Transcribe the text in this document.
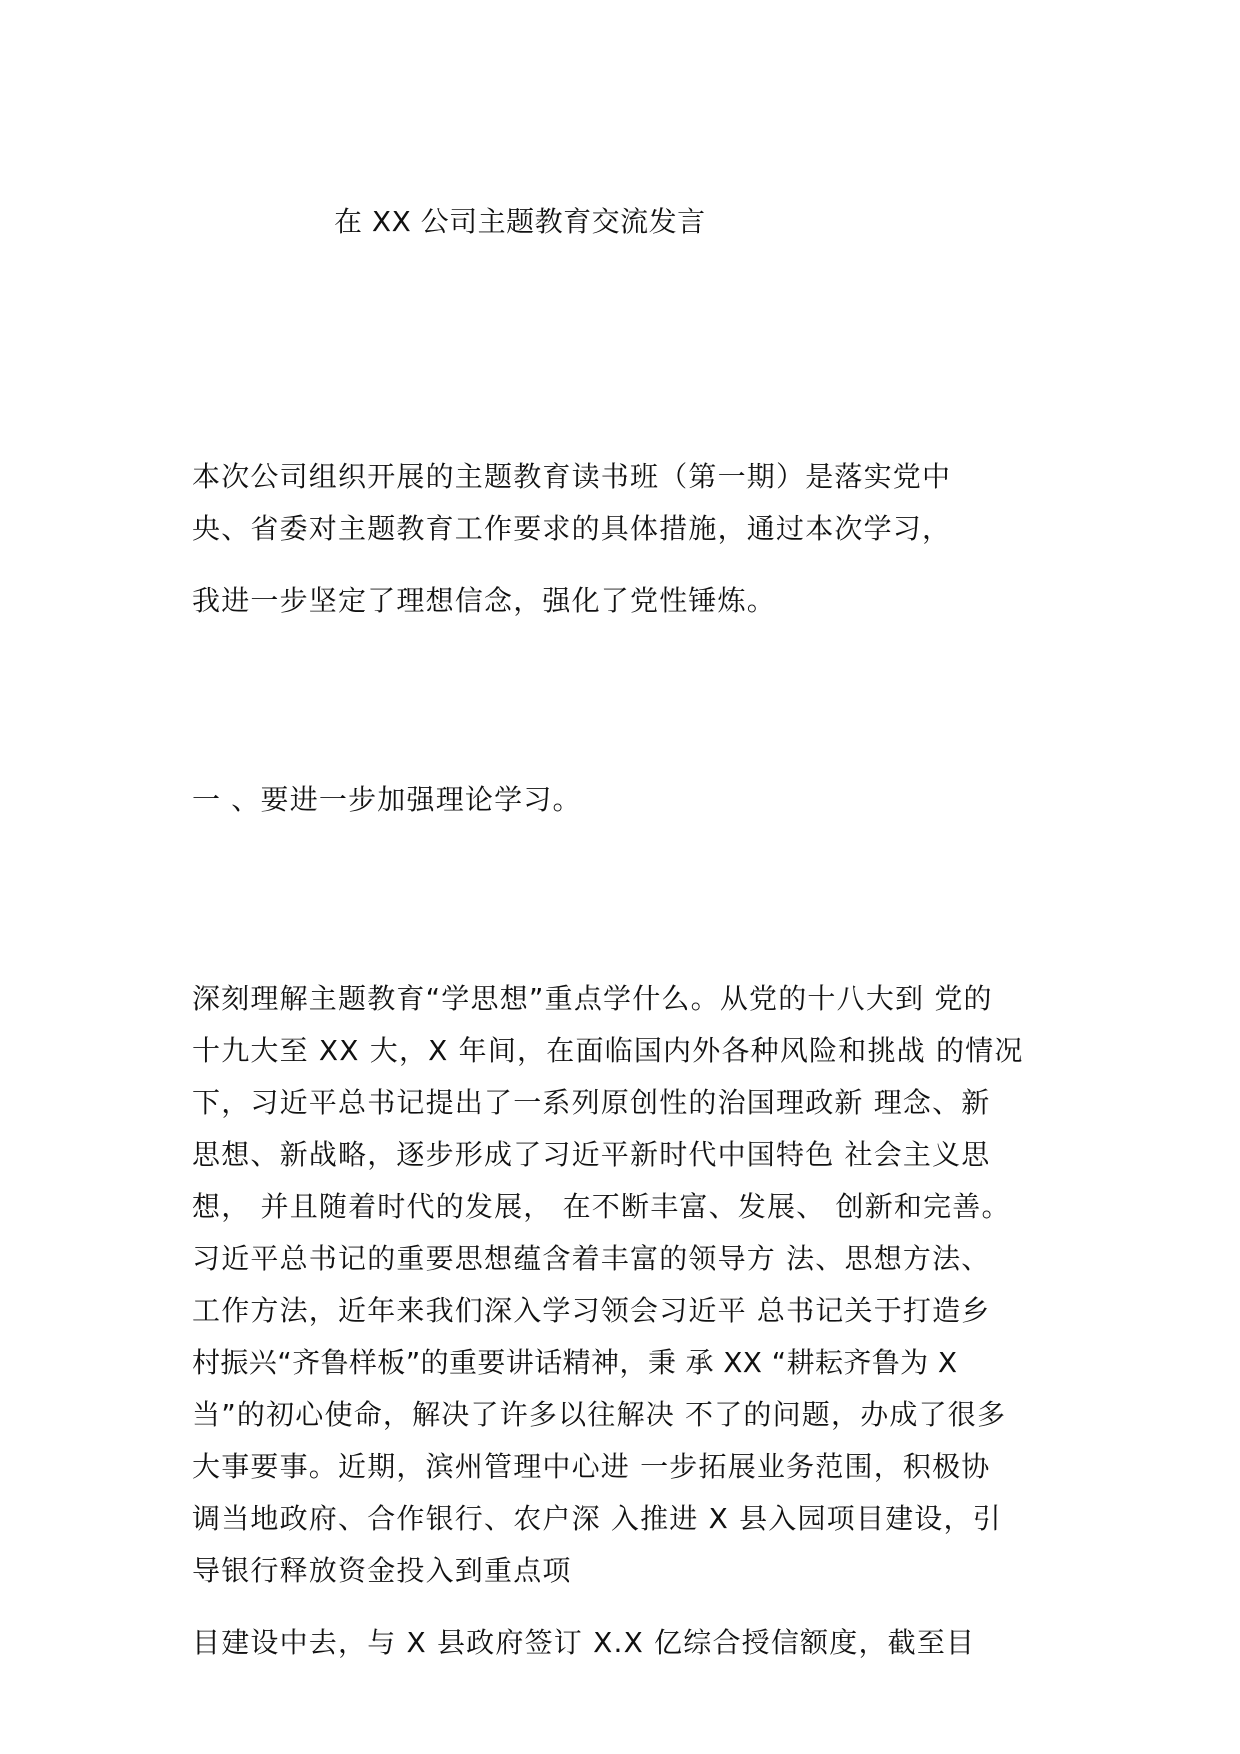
在 XX 公司主题教育交流发言
本次公司组织开展的主题教育读书班（第一期）是落实党中
央、省委对主题教育工作要求的具体措施，通过本次学习，
我进一步坚定了理想信念，强化了党性锤炼。
一 、要进一步加强理论学习。
深刻理解主题教育“学思想”重点学什么。从党的十八大到 党的
十九大至 XX 大，X 年间，在面临国内外各种风险和挑战 的情况
下，习近平总书记提出了一系列原创性的治国理政新 理念、新
思想、新战略，逐步形成了习近平新时代中国特色 社会主义思
想， 并且随着时代的发展， 在不断丰富、发展、 创新和完善。
习近平总书记的重要思想蕴含着丰富的领导方 法、思想方法、
工作方法，近年来我们深入学习领会习近平 总书记关于打造乡
村振兴“齐鲁样板”的重要讲话精神，秉 承 XX “耕耘齐鲁为 X
当”的初心使命，解决了许多以往解决 不了的问题，办成了很多
大事要事。近期，滨州管理中心进 一步拓展业务范围，积极协
调当地政府、合作银行、农户深 入推进 X 县入园项目建设，引
导银行释放资金投入到重点项
目建设中去，与 X 县政府签订 X.X 亿综合授信额度，截至目
